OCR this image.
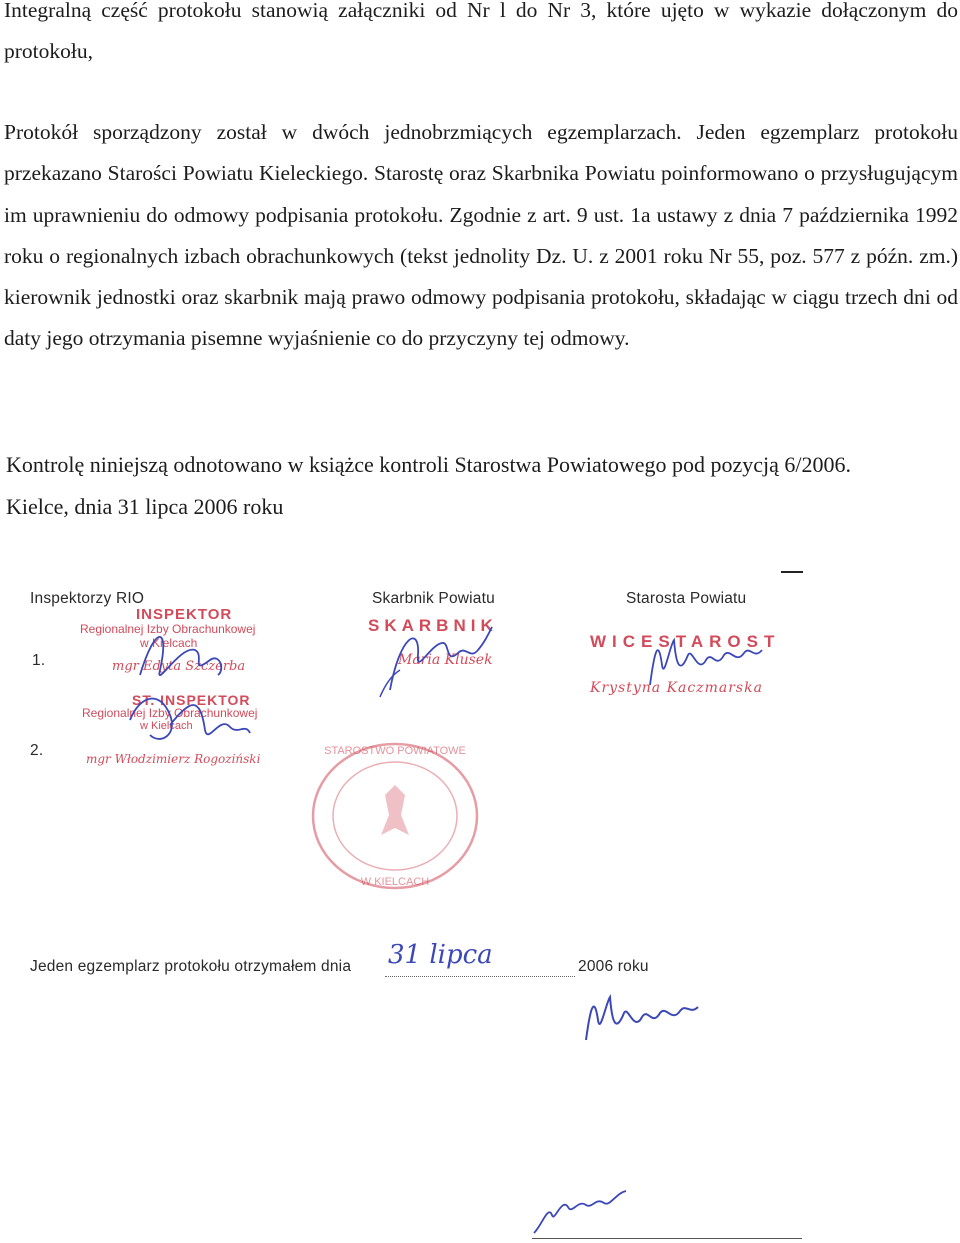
Integralną część protokołu stanowią załączniki od Nr l do Nr 3, które ujęto w wykazie dołączonym do protokołu,

Protokół sporządzony został w dwóch jednobrzmiących egzemplarzach. Jeden egzemplarz protokołu przekazano Starości Powiatu Kieleckiego. Starostę oraz Skarbnika Powiatu poinformowano o przysługującym im uprawnieniu do odmowy podpisania protokołu. Zgodnie z art. 9 ust. 1a ustawy z dnia 7 października 1992 roku o regionalnych izbach obrachunkowych (tekst jednolity Dz. U. z 2001 roku Nr 55, poz. 577 z późn. zm.) kierownik jednostki oraz skarbnik mają prawo odmowy podpisania protokołu, składając w ciągu trzech dni od daty jego otrzymania pisemne wyjaśnienie co do przyczyny tej odmowy.

Kontrolę niniejszą odnotowano w książce kontroli Starostwa Powiatowego pod pozycją 6/2006.
Kielce, dnia 31 lipca 2006 roku

Inspektorzy RIO
INSPEKTOR
Regionalnej Izby Obrachunkowej
w Kielcach
1.	mgr Edyta Szczerba
ST. INSPEKTOR
Regionalnej Izby Obrachunkowej
w Kielcach
2.	mgr Włodzimierz Rogoziński
Skarbnik Powiatu
SKARBNIK
Maria Klusek
Starosta Powiatu
WICESTAROST
Krystyna Kaczmarska
STAROSTWO POWIATOWE
W KIELCACH
Jeden egzemplarz protokołu otrzymałem dnia 31 lipca	2006 roku
